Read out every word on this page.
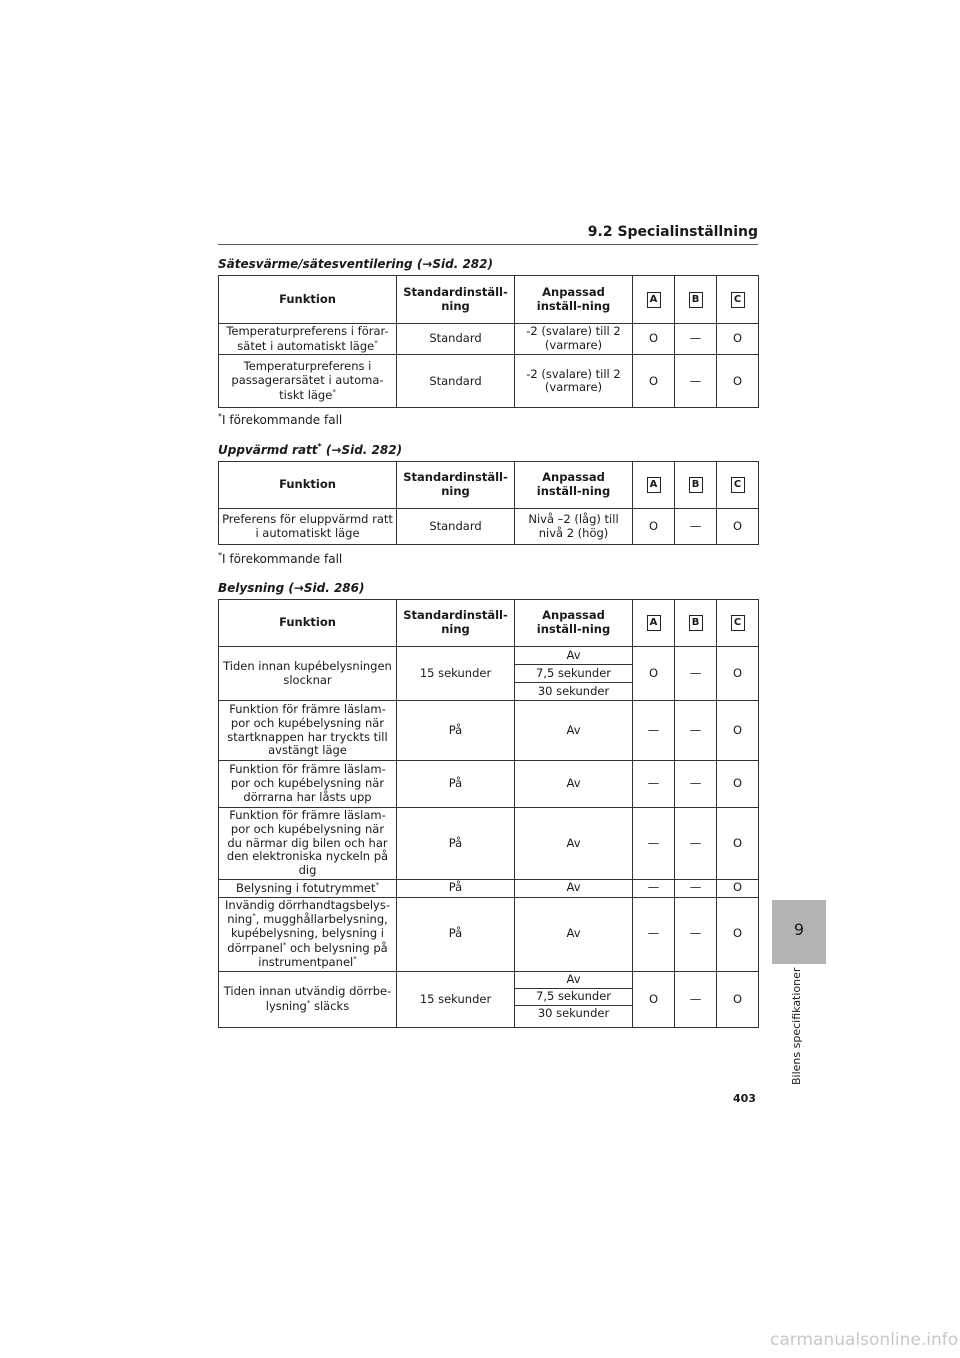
9.2 Specialinställning
Sätesvärme/sätesventilering (→Sid. 282)
Funktion	Standardinställ-ning	Anpassad inställ-ning	A	B	C
Temperaturpreferens i förar-sätet i automatiskt läge*	Standard	-2 (svalare) till 2 (varmare)	O	—	O
Temperaturpreferens i passagerarsätet i automa-tiskt läge*	Standard	-2 (svalare) till 2 (varmare)	O	—	O
*I förekommande fall
Uppvärmd ratt* (→Sid. 282)
Funktion	Standardinställ-ning	Anpassad inställ-ning	A	B	C
Preferens för eluppvärmd ratt i automatiskt läge	Standard	Nivå –2 (låg) till nivå 2 (hög)	O	—	O
*I förekommande fall
Belysning (→Sid. 286)
Funktion	Standardinställ-ning	Anpassad inställ-ning	A	B	C
Tiden innan kupébelysningen slocknar	15 sekunder	Av	O	—	O
		7,5 sekunder			
		30 sekunder			
Funktion för främre läslam-por och kupébelysning när startknappen har tryckts till avstängt läge	På	Av	—	—	O
Funktion för främre läslam-por och kupébelysning när dörrarna har låsts upp	På	Av	—	—	O
Funktion för främre läslam-por och kupébelysning när du närmar dig bilen och har den elektroniska nyckeln på dig	På	Av	—	—	O
Belysning i fotutrymmet*	På	Av	—	—	O
Invändig dörrhandtagsbelys-ning*, mugghållarbelysning, kupébelysning, belysning i dörrpanel* och belysning på instrumentpanel*	På	Av	—	—	O
Tiden innan utvändig dörrbe-lysning* släcks	15 sekunder	Av	O	—	O
		7,5 sekunder			
		30 sekunder			
9
Bilens specifikationer
403
carmanualsonline.info
